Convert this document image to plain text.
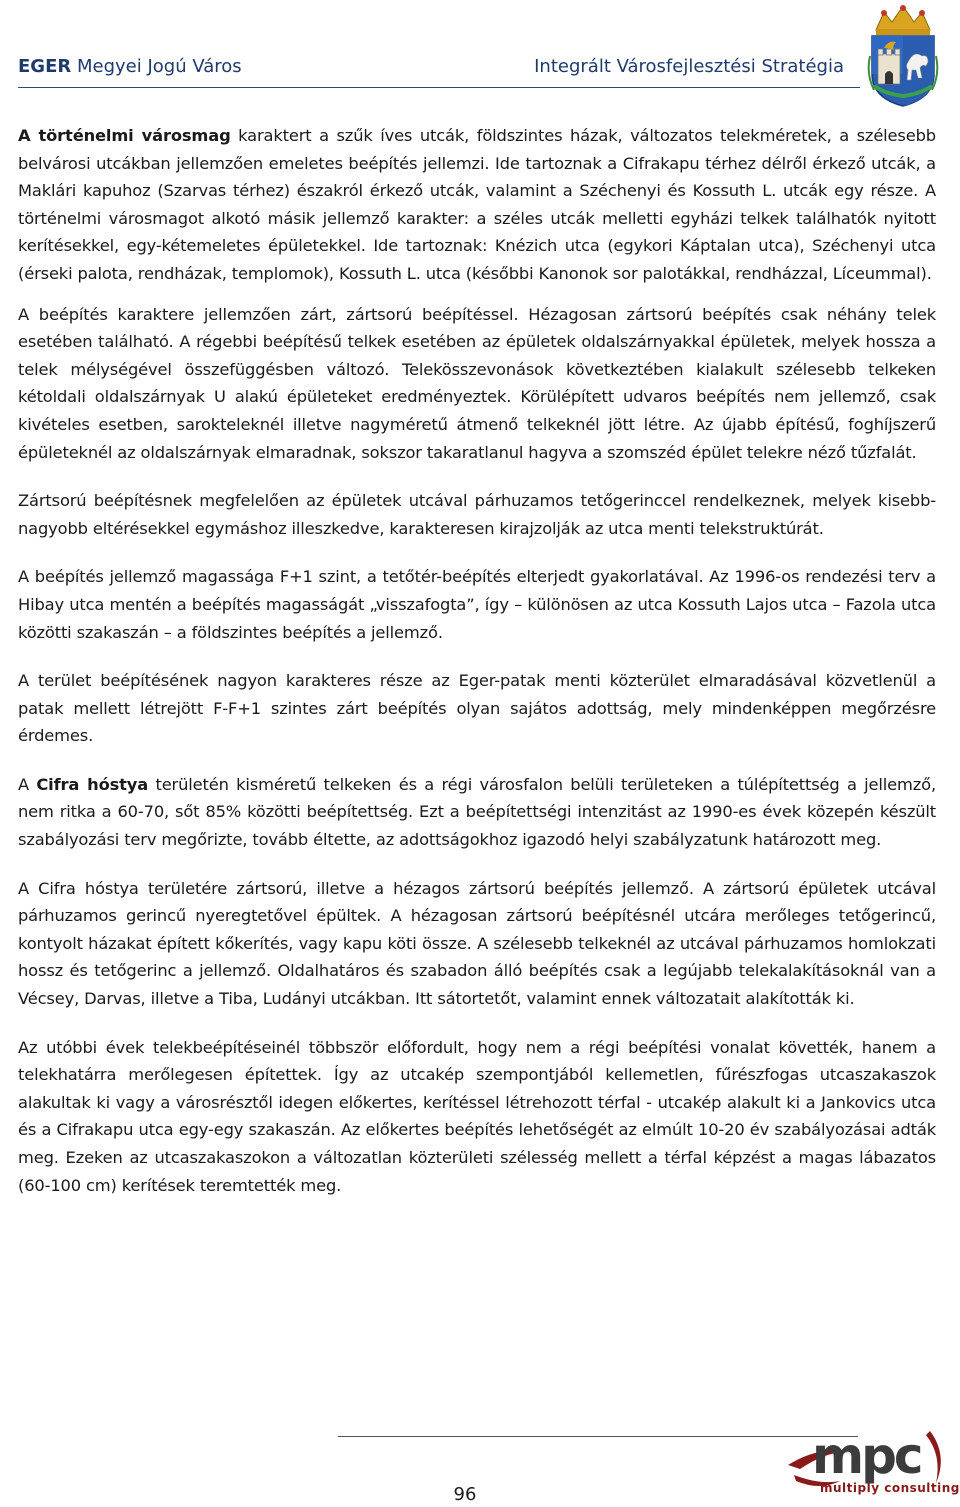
EGER Megyei Jogú Város	Integrált Városfejlesztési Stratégia

A történelmi városmag karaktert a szűk íves utcák, földszintes házak, változatos telekméretek, a szélesebb belvárosi utcákban jellemzően emeletes beépítés jellemzi. Ide tartoznak a Cifrakapu térhez délről érkező utcák, a Maklári kapuhoz (Szarvas térhez) északról érkező utcák, valamint a Széchenyi és Kossuth L. utcák egy része. A történelmi városmagot alkotó másik jellemző karakter: a széles utcák melletti egyházi telkek találhatók nyitott kerítésekkel, egy-kétemeletes épületekkel. Ide tartoznak: Knézich utca (egykori Káptalan utca), Széchenyi utca (érseki palota, rendházak, templomok), Kossuth L. utca (későbbi Kanonok sor palotákkal, rendházzal, Líceummal).

A beépítés karaktere jellemzően zárt, zártsorú beépítéssel. Hézagosan zártsorú beépítés csak néhány telek esetében található. A régebbi beépítésű telkek esetében az épületek oldalszárnyakkal épületek, melyek hossza a telek mélységével összefüggésben változó. Telekösszevonások következtében kialakult szélesebb telkeken kétoldali oldalszárnyak U alakú épületeket eredményeztek. Körülépített udvaros beépítés nem jellemző, csak kivételes esetben, sarokteleknél illetve nagyméretű átmenő telkeknél jött létre. Az újabb építésű, foghíjszerű épületeknél az oldalszárnyak elmaradnak, sokszor takaratlanul hagyva a szomszéd épület telekre néző tűzfalát.

Zártsorú beépítésnek megfelelően az épületek utcával párhuzamos tetőgerinccel rendelkeznek, melyek kisebb-nagyobb eltérésekkel egymáshoz illeszkedve, karakteresen kirajzolják az utca menti telekstruktúrát.

A beépítés jellemző magassága F+1 szint, a tetőtér-beépítés elterjedt gyakorlatával. Az 1996-os rendezési terv a Hibay utca mentén a beépítés magasságát „visszafogta”, így – különösen az utca Kossuth Lajos utca – Fazola utca közötti szakaszán – a földszintes beépítés a jellemző.

A terület beépítésének nagyon karakteres része az Eger-patak menti közterület elmaradásával közvetlenül a patak mellett létrejött F-F+1 szintes zárt beépítés olyan sajátos adottság, mely mindenképpen megőrzésre érdemes.

A Cifra hóstya területén kisméretű telkeken és a régi városfalon belüli területeken a túlépítettség a jellemző, nem ritka a 60-70, sőt 85% közötti beépítettség. Ezt a beépítettségi intenzitást az 1990-es évek közepén készült szabályozási terv megőrizte, tovább éltette, az adottságokhoz igazodó helyi szabályzatunk határozott meg.

A Cifra hóstya területére zártsorú, illetve a hézagos zártsorú beépítés jellemző. A zártsorú épületek utcával párhuzamos gerincű nyeregtetővel épültek. A hézagosan zártsorú beépítésnél utcára merőleges tetőgerincű, kontyolt házakat épített kőkerítés, vagy kapu köti össze. A szélesebb telkeknél az utcával párhuzamos homlokzati hossz és tetőgerinc a jellemző. Oldalhatáros és szabadon álló beépítés csak a legújabb telekalakításoknál van a Vécsey, Darvas, illetve a Tiba, Ludányi utcákban. Itt sátortetőt, valamint ennek változatait alakították ki.

Az utóbbi évek telekbeépítéseinél többször előfordult, hogy nem a régi beépítési vonalat követték, hanem a telekhatárra merőlegesen építettek. Így az utcakép szempontjából kellemetlen, fűrészfogas utcaszakaszok alakultak ki vagy a városrésztől idegen előkertes, kerítéssel létrehozott térfal - utcakép alakult ki a Jankovics utca és a Cifrakapu utca egy-egy szakaszán. Az előkertes beépítés lehetőségét az elmúlt 10-20 év szabályozásai adták meg. Ezeken az utcaszakaszokon a változatlan közterületi szélesség mellett a térfal képzést a magas lábazatos (60-100 cm) kerítések teremtették meg.

96
mpc
multiply consulting
